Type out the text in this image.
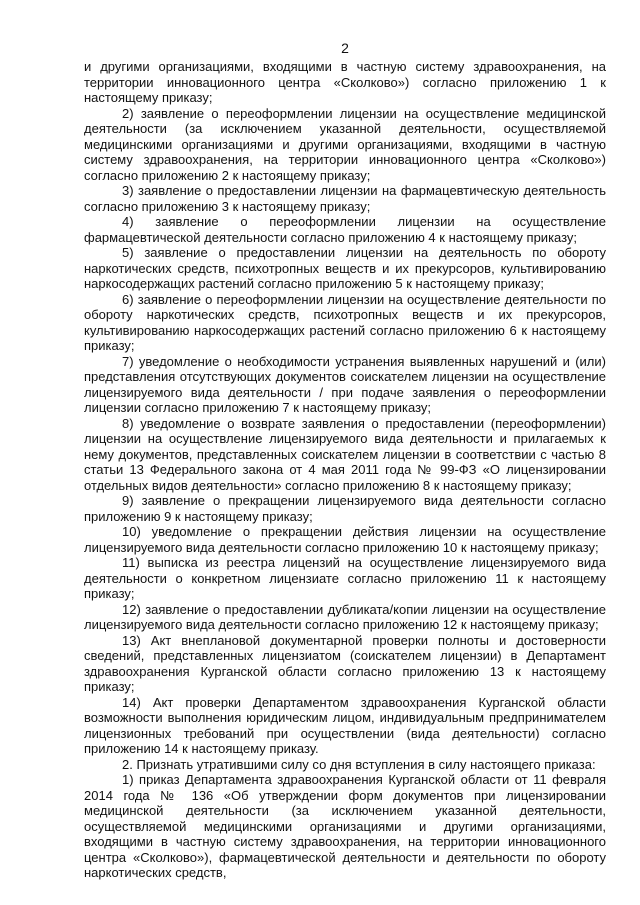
2

и другими организациями, входящими в частную систему здравоохранения, на территории инновационного центра «Сколково») согласно приложению 1 к настоящему приказу;

2) заявление о переоформлении лицензии на осуществление медицинской деятельности (за исключением указанной деятельности, осуществляемой медицинскими организациями и другими организациями, входящими в частную систему здравоохранения, на территории инновационного центра «Сколково») согласно приложению 2 к настоящему приказу;

3) заявление о предоставлении лицензии на фармацевтическую деятельность согласно приложению 3 к настоящему приказу;

4) заявление о переоформлении лицензии на осуществление фармацевтической деятельности согласно приложению 4 к настоящему приказу;

5) заявление о предоставлении лицензии на деятельность по обороту наркотических средств, психотропных веществ и их прекурсоров, культивированию наркосодержащих растений согласно приложению 5 к настоящему приказу;

6) заявление о переоформлении лицензии на осуществление деятельности по обороту наркотических средств, психотропных веществ и их прекурсоров, культивированию наркосодержащих растений согласно приложению 6 к настоящему приказу;

7) уведомление о необходимости устранения выявленных нарушений и (или) представления отсутствующих документов соискателем лицензии на осуществление лицензируемого вида деятельности / при подаче заявления о переоформлении лицензии согласно приложению 7 к настоящему приказу;

8) уведомление о возврате заявления о предоставлении (переоформлении) лицензии на осуществление лицензируемого вида деятельности и прилагаемых к нему документов, представленных соискателем лицензии в соответствии с частью 8 статьи 13 Федерального закона от 4 мая 2011 года № 99-ФЗ «О лицензировании отдельных видов деятельности» согласно приложению 8 к настоящему приказу;

9) заявление о прекращении лицензируемого вида деятельности согласно приложению 9 к настоящему приказу;

10) уведомление о прекращении действия лицензии на осуществление лицензируемого вида деятельности согласно приложению 10 к настоящему приказу;

11) выписка из реестра лицензий на осуществление лицензируемого вида деятельности о конкретном лицензиате согласно приложению 11 к настоящему приказу;

12) заявление о предоставлении дубликата/копии лицензии на осуществление лицензируемого вида деятельности согласно приложению 12 к настоящему приказу;

13) Акт внеплановой документарной проверки полноты и достоверности сведений, представленных лицензиатом (соискателем лицензии) в Департамент здравоохранения Курганской области согласно приложению 13 к настоящему приказу;

14) Акт проверки Департаментом здравоохранения Курганской области возможности выполнения юридическим лицом, индивидуальным предпринимателем лицензионных требований при осуществлении (вида деятельности) согласно приложению 14 к настоящему приказу.

2. Признать утратившими силу со дня вступления в силу настоящего приказа:

1) приказ Департамента здравоохранения Курганской области от 11 февраля 2014 года № 136 «Об утверждении форм документов при лицензировании медицинской деятельности (за исключением указанной деятельности, осуществляемой медицинскими организациями и другими организациями, входящими в частную систему здравоохранения, на территории инновационного центра «Сколково»), фармацевтической деятельности и деятельности по обороту наркотических средств,
